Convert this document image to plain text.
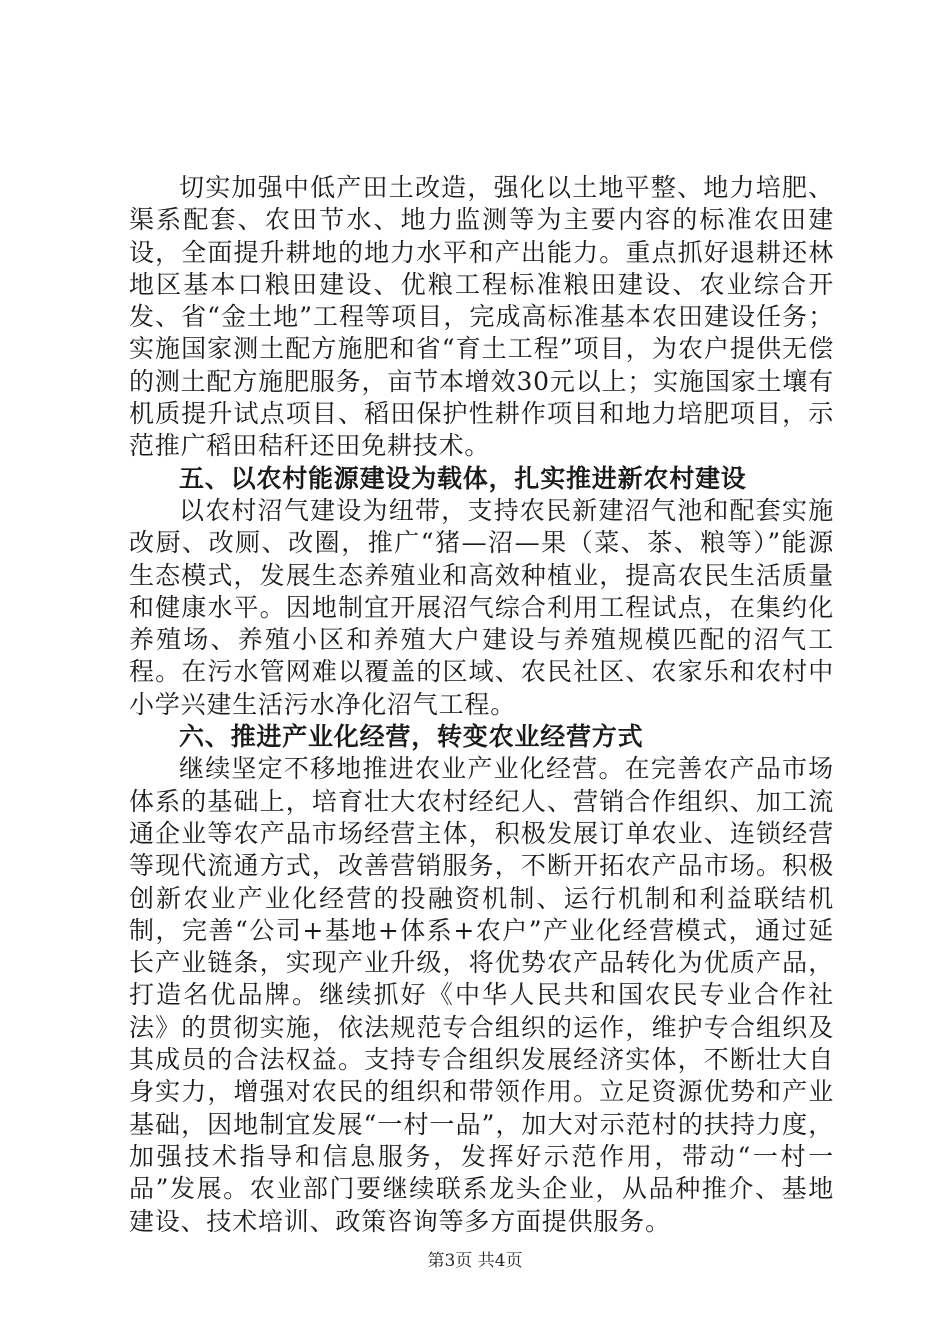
切实加强中低产田土改造，强化以土地平整、地力培肥、渠系配套、农田节水、地力监测等为主要内容的标准农田建设，全面提升耕地的地力水平和产出能力。重点抓好退耕还林地区基本口粮田建设、优粮工程标准粮田建设、农业综合开发、省“金土地”工程等项目，完成高标准基本农田建设任务；实施国家测土配方施肥和省“育土工程”项目，为农户提供无偿的测土配方施肥服务，亩节本增效30元以上；实施国家土壤有机质提升试点项目、稻田保护性耕作项目和地力培肥项目，示范推广稻田秸秆还田免耕技术。

五、以农村能源建设为载体，扎实推进新农村建设

以农村沼气建设为纽带，支持农民新建沼气池和配套实施改厨、改厕、改圈，推广“猪—沼—果（菜、茶、粮等）”能源生态模式，发展生态养殖业和高效种植业，提高农民生活质量和健康水平。因地制宜开展沼气综合利用工程试点，在集约化养殖场、养殖小区和养殖大户建设与养殖规模匹配的沼气工程。在污水管网难以覆盖的区域、农民社区、农家乐和农村中小学兴建生活污水净化沼气工程。

六、推进产业化经营，转变农业经营方式

继续坚定不移地推进农业产业化经营。在完善农产品市场体系的基础上，培育壮大农村经纪人、营销合作组织、加工流通企业等农产品市场经营主体，积极发展订单农业、连锁经营等现代流通方式，改善营销服务，不断开拓农产品市场。积极创新农业产业化经营的投融资机制、运行机制和利益联结机制，完善“公司+基地+体系+农户”产业化经营模式，通过延长产业链条，实现产业升级，将优势农产品转化为优质产品，打造名优品牌。继续抓好《中华人民共和国农民专业合作社法》的贯彻实施，依法规范专合组织的运作，维护专合组织及其成员的合法权益。支持专合组织发展经济实体，不断壮大自身实力，增强对农民的组织和带领作用。立足资源优势和产业基础，因地制宜发展“一村一品”，加大对示范村的扶持力度，加强技术指导和信息服务，发挥好示范作用，带动“一村一品”发展。农业部门要继续联系龙头企业，从品种推介、基地建设、技术培训、政策咨询等多方面提供服务。

第3页 共4页
